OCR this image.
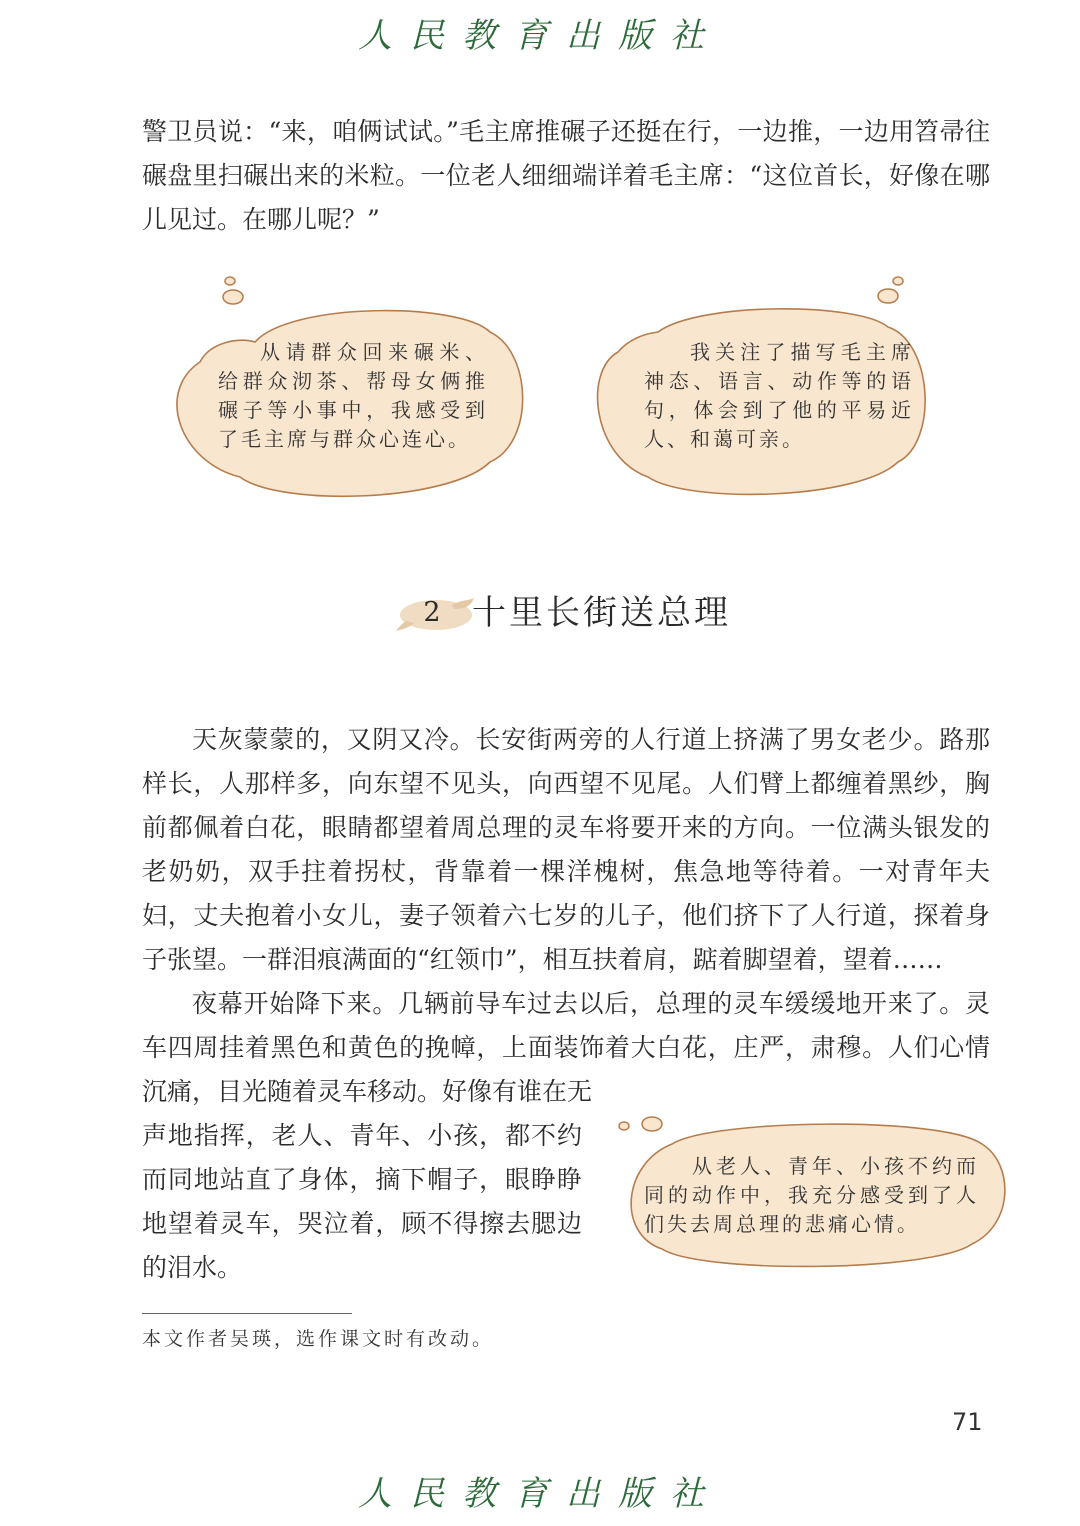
人民教育出版社

警卫员说：“来，咱俩试试。”毛主席推碾子还挺在行，一边推，一边用笤帚往碾盘里扫碾出来的米粒。一位老人细细端详着毛主席：“这位首长，好像在哪儿见过。在哪儿呢？”

从请群众回来碾米、给群众沏茶、帮母女俩推碾子等小事中，我感受到了毛主席与群众心连心。
我关注了描写毛主席神态、语言、动作等的语句，体会到了他的平易近人、和蔼可亲。
2 十里长街送总理

天灰蒙蒙的，又阴又冷。长安街两旁的人行道上挤满了男女老少。路那样长，人那样多，向东望不见头，向西望不见尾。人们臂上都缠着黑纱，胸前都佩着白花，眼睛都望着周总理的灵车将要开来的方向。一位满头银发的老奶奶，双手拄着拐杖，背靠着一棵洋槐树，焦急地等待着。一对青年夫妇，丈夫抱着小女儿，妻子领着六七岁的儿子，他们挤下了人行道，探着身子张望。一群泪痕满面的“红领巾”，相互扶着肩，踮着脚望着，望着……

夜幕开始降下来。几辆前导车过去以后，总理的灵车缓缓地开来了。灵车四周挂着黑色和黄色的挽幛，上面装饰着大白花，庄严，肃穆。人们心情沉痛，目光随着灵车移动。好像有谁在无

声地指挥，老人、青年、小孩，都不约而同地站直了身体，摘下帽子，眼睁睁地望着灵车，哭泣着，顾不得擦去腮边的泪水。

从老人、青年、小孩不约而同的动作中，我充分感受到了人们失去周总理的悲痛心情。
本文作者吴瑛，选作课文时有改动。
71
人民教育出版社
